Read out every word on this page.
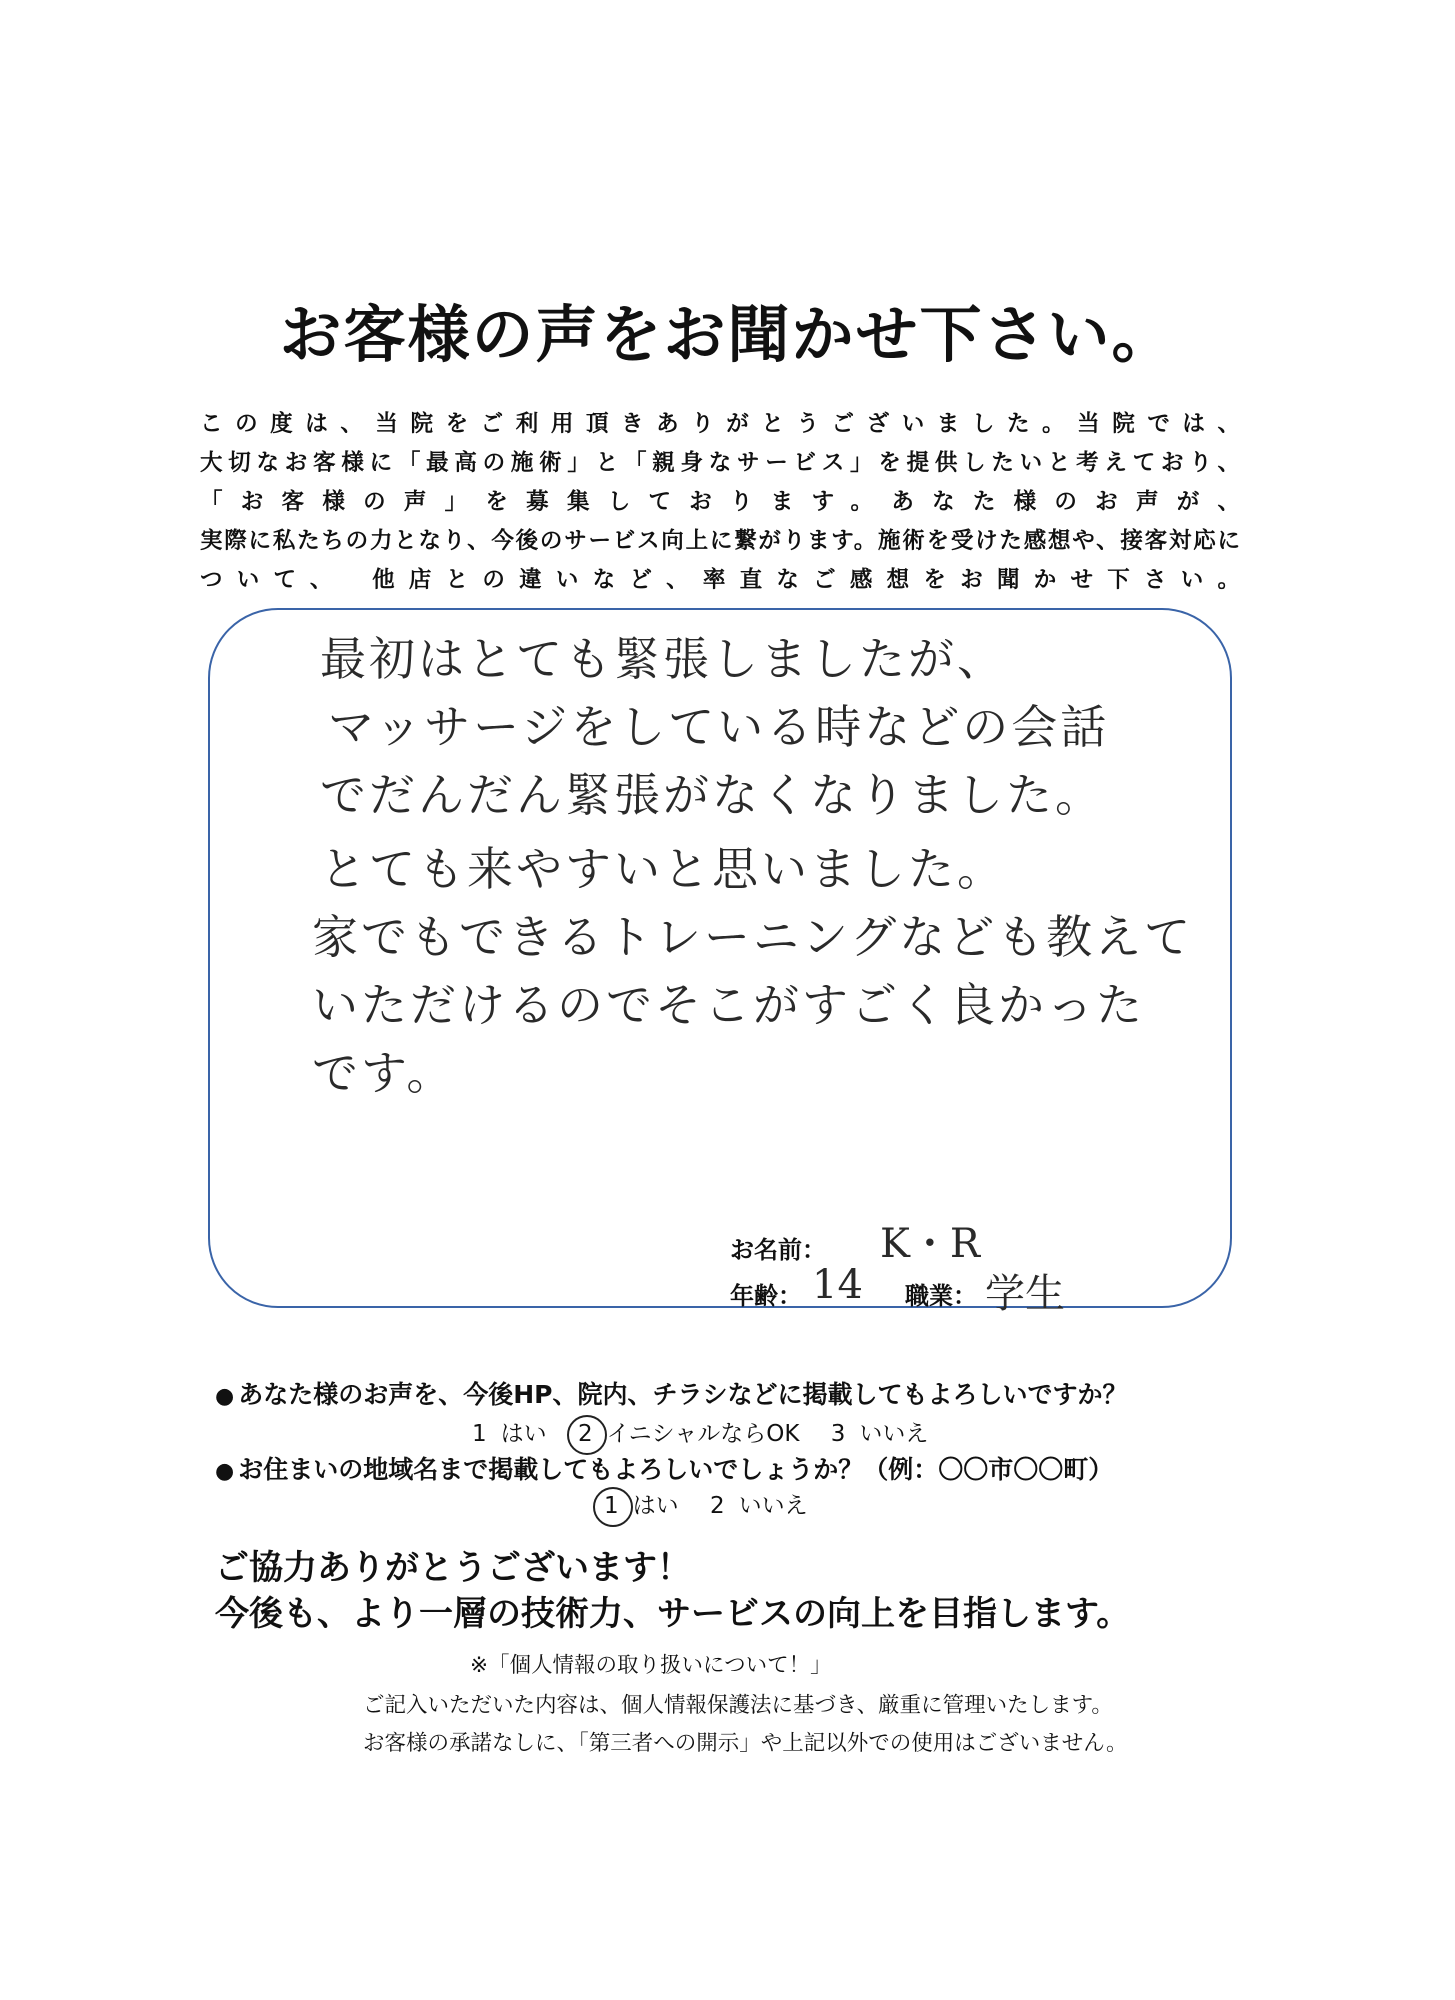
お客様の声をお聞かせ下さい。
この度は、当院をご利用頂きありがとうございました。当院では、
大切なお客様に「最高の施術」と「親身なサービス」を提供したいと考えており、
「お客様の声」を募集しております。あなた様のお声が、
実際に私たちの力となり、今後のサービス向上に繋がります。施術を受けた感想や、接客対応に
ついて、　他店との違いなど、率直なご感想をお聞かせ下さい。
最初はとても緊張しましたが、
マッサージをしている時などの会話
でだんだん緊張がなくなりました。
とても来やすいと思いました。
家でもできるトレーニングなども教えて
いただけるのでそこがすごく良かった
です。
お名前： K・R
年齢： 14 職業： 学生
● あなた様のお声を、今後HP、院内、チラシなどに掲載してもよろしいですか？
1 はい 2 イニシャルならOK 3 いいえ
● お住まいの地域名まで掲載してもよろしいでしょうか？（例：〇〇市〇〇町）
1 はい 2 いいえ
ご協力ありがとうございます！
今後も、より一層の技術力、サービスの向上を目指します。
※「個人情報の取り扱いについて！」
ご記入いただいた内容は、個人情報保護法に基づき、厳重に管理いたします。
お客様の承諾なしに、「第三者への開示」や上記以外での使用はございません。
